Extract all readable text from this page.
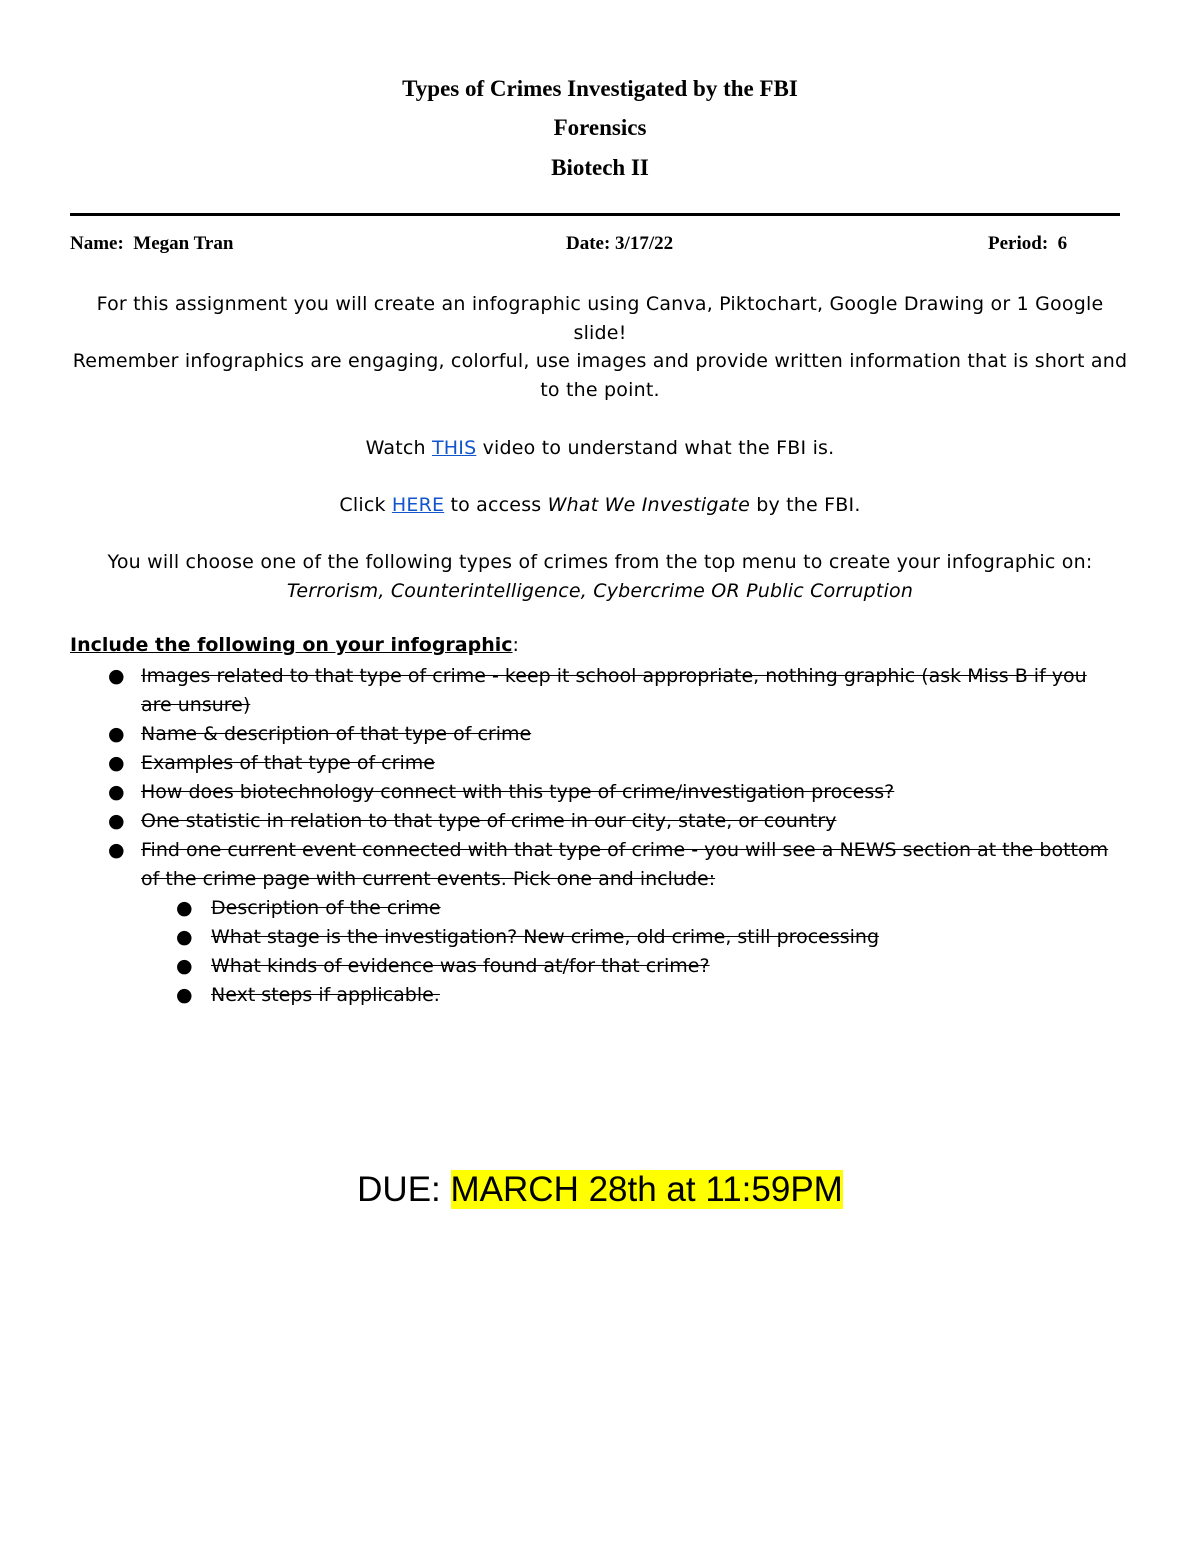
Types of Crimes Investigated by the FBI
Forensics
Biotech II
Name:  Megan Tran	Date: 3/17/22	Period:  6
For this assignment you will create an infographic using Canva, Piktochart, Google Drawing or 1 Google slide!
Remember infographics are engaging, colorful, use images and provide written information that is short and to the point.
Watch THIS video to understand what the FBI is.
Click HERE to access What We Investigate by the FBI.
You will choose one of the following types of crimes from the top menu to create your infographic on:
Terrorism, Counterintelligence, Cybercrime OR Public Corruption
Include the following on your infographic:
● Images related to that type of crime - keep it school appropriate, nothing graphic (ask Miss B if you are unsure)
● Name & description of that type of crime
● Examples of that type of crime
● How does biotechnology connect with this type of crime/investigation process?
● One statistic in relation to that type of crime in our city, state, or country
● Find one current event connected with that type of crime - you will see a NEWS section at the bottom of the crime page with current events. Pick one and include:
● Description of the crime
● What stage is the investigation? New crime, old crime, still processing
● What kinds of evidence was found at/for that crime?
● Next steps if applicable.
DUE: MARCH 28th at 11:59PM
